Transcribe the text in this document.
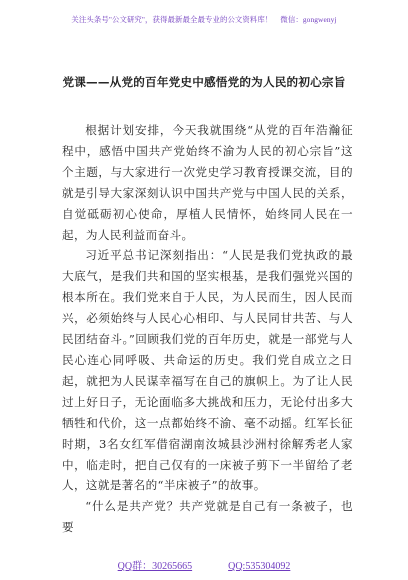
关注头条号"公文研究"，获得最新最全最专业的公文资料库！ 微信：gongwenyj
党课——从党的百年党史中感悟党的为人民的初心宗旨

根据计划安排，今天我就围绕“从党的百年浩瀚征程中，感悟中国共产党始终不渝为人民的初心宗旨”这个主题，与大家进行一次党史学习教育授课交流，目的就是引导大家深刻认识中国共产党与中国人民的关系，自觉砥砺初心使命，厚植人民情怀，始终同人民在一起，为人民利益而奋斗。

习近平总书记深刻指出：“人民是我们党执政的最大底气，是我们共和国的坚实根基，是我们强党兴国的根本所在。我们党来自于人民，为人民而生，因人民而兴，必须始终与人民心心相印、与人民同甘共苦、与人民团结奋斗。”回顾我们党的百年历史，就是一部党与人民心连心同呼吸、共命运的历史。我们党自成立之日起，就把为人民谋幸福写在自己的旗帜上。为了让人民过上好日子，无论面临多大挑战和压力，无论付出多大牺牲和代价，这一点都始终不渝、毫不动摇。红军长征时期，3名女红军借宿湖南汝城县沙洲村徐解秀老人家中，临走时，把自己仅有的一床被子剪下一半留给了老人，这就是著名的“半床被子”的故事。

“什么是共产党？共产党就是自己有一条被子，也要

QQ群：30265665	QQ:535304092
